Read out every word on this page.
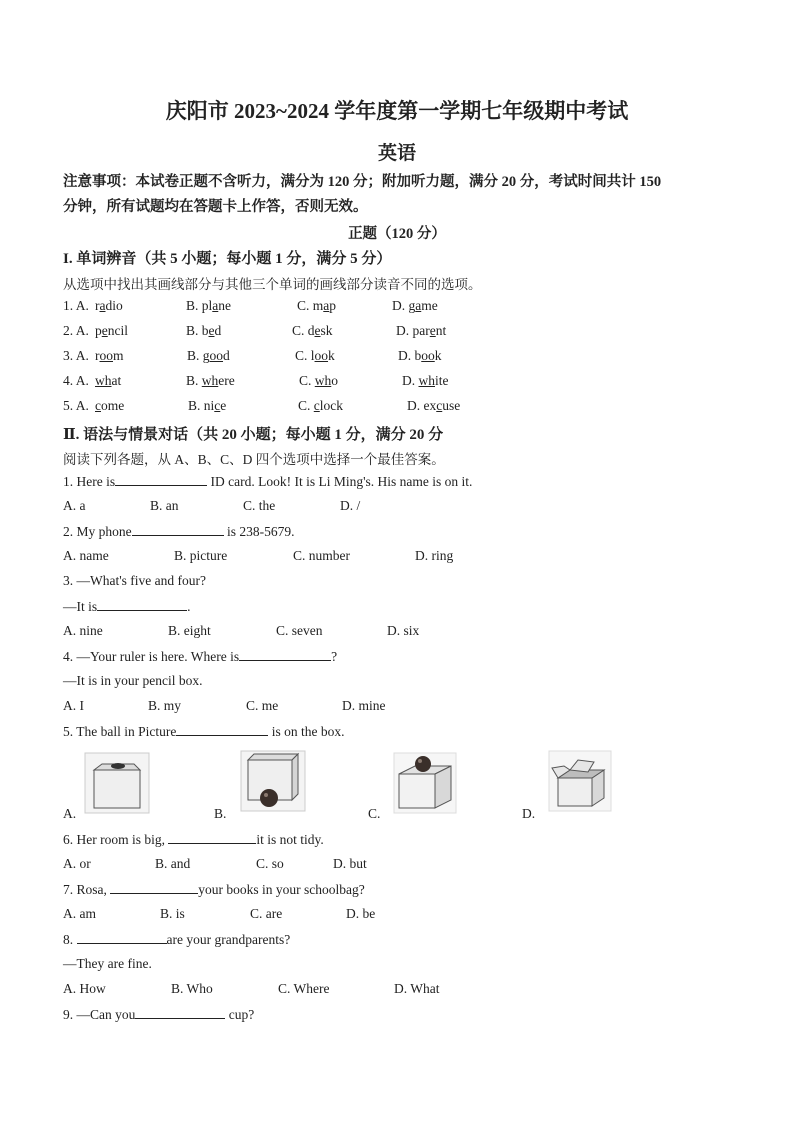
庆阳市 2023~2024 学年度第一学期七年级期中考试
英语
注意事项：本试卷正题不含听力，满分为 120 分；附加听力题，满分 20 分，考试时间共计 150
分钟，所有试题均在答题卡上作答，否则无效。
正题（120 分）
I. 单词辨音（共 5 小题；每小题 1 分，满分 5 分）
从选项中找出其画线部分与其他三个单词的画线部分读音不同的选项。
1. A. radio	B. plane	C. map	D. game
2. A. pencil	B. bed	C. desk	D. parent
3. A. room	B. good	C. look	D. book
4. A. what	B. where	C. who	D. white
5. A. come	B. nice	C. clock	D. excuse
Ⅱ. 语法与情景对话（共 20 小题；每小题 1 分，满分 20 分
阅读下列各题，从 A、B、C、D 四个选项中选择一个最佳答案。
1. Here is	ID card. Look! It is Li Ming's. His name is on it.
A. a	B. an	C. the	D. /
2. My phone	is 238-5679.
A. name	B. picture	C. number	D. ring
3. —What's five and four?
—It is	.
A. nine	B. eight	C. seven	D. six
4. —Your ruler is here. Where is	?
—It is in your pencil box.
A. I	B. my	C. me	D. mine
5. The ball in Picture	is on the box.
A.	B.	C.	D.
6. Her room is big,	it is not tidy.
A. or	B. and	C. so	D. but
7. Rosa,	your books in your schoolbag?
A. am	B. is	C. are	D. be
8.	are your grandparents?
—They are fine.
A. How	B. Who	C. Where	D. What
9. —Can you	cup?
